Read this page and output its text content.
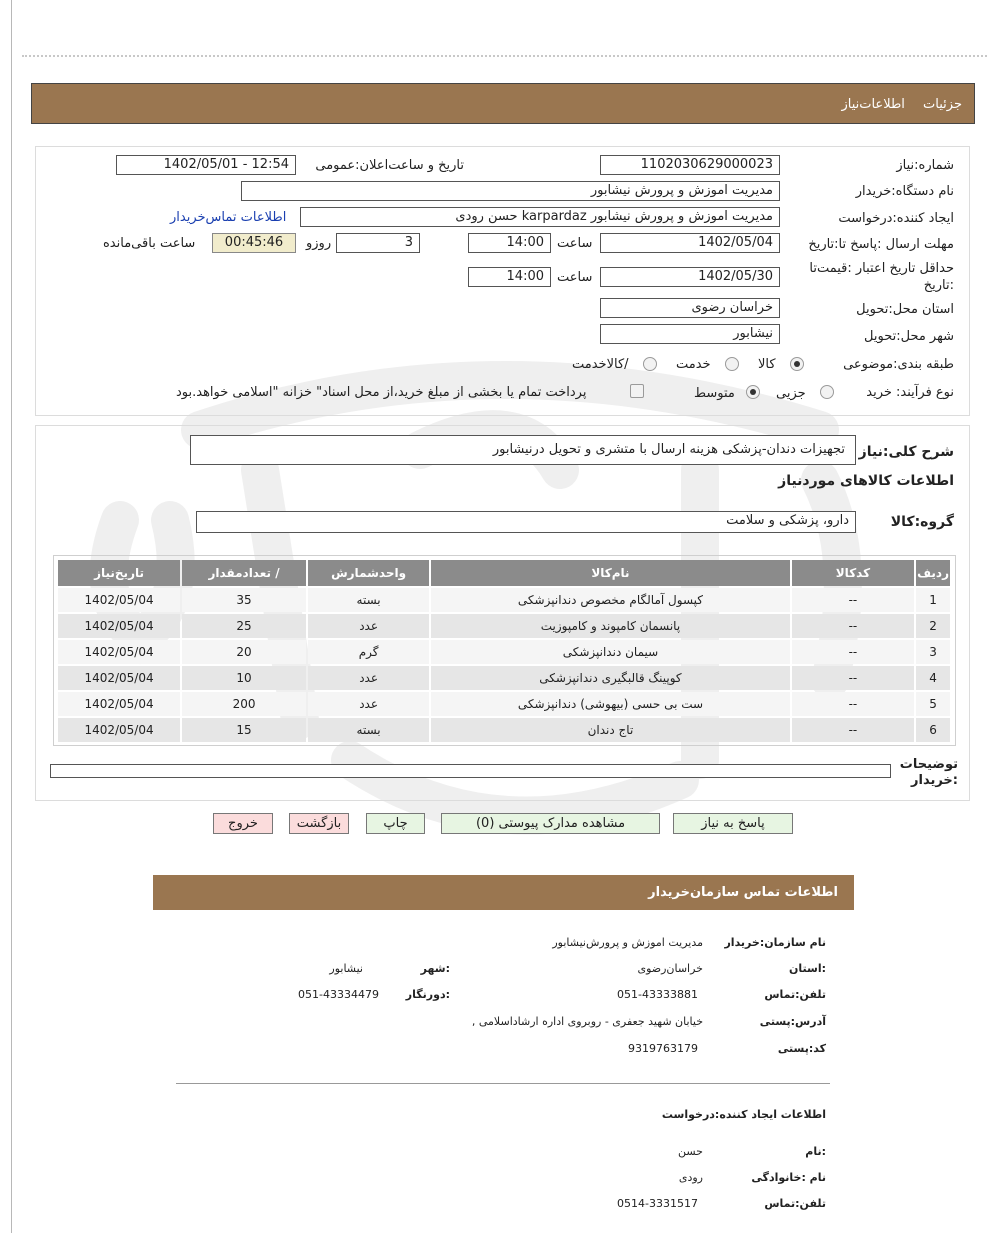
جزئیات اطلاعات‌نیاز
شماره:نیاز
1102030629000023
تاریخ و ساعت‌اعلان:عمومی
1402/05/01 - 12:54
نام دستگاه:خریدار
مدیریت اموزش و پرورش نیشابور
ایجاد کننده:درخواست
مدیریت اموزش و پرورش نیشابور karpardaz حسن رودی
اطلاعات تماس‌خریدار
مهلت ارسال :پاسخ تا:تاریخ
1402/05/04
ساعت
14:00
3
روزو
00:45:46
ساعت باقی‌مانده
حداقل تاریخ اعتبار :قیمت‌تا :تاریخ
1402/05/30
ساعت
14:00
استان محل:تحویل
خراسان رضوی
شهر محل:تحویل
نیشابور
طبقه بندی:موضوعی
کالا
خدمت
/کالاخدمت
نوع فرآیند: خرید
جزیی
متوسط
پرداخت تمام یا بخشی از مبلغ خرید،از محل اسناد" خزانه "اسلامی خواهد.بود
شرح کلی:نیاز
تجهیزات دندان-پزشکی هزینه ارسال با متشری و تحویل درنیشابور
اطلاعات کالاهای موردنیاز
گروه:کالا
دارو، پزشکی و سلامت
ردیف	کدکالا	نام‌کالا	واحدشمارش	/ تعدادمقدار	تاریخ‌نیاز
1	--	کپسول آمالگام مخصوص دندانپزشکی	بسته	35	1402/05/04
2	--	پانسمان کامپوند و کامپوزیت	عدد	25	1402/05/04
3	--	سیمان دندانپزشکی	گرم	20	1402/05/04
4	--	کوپینگ قالبگیری دندانپزشکی	عدد	10	1402/05/04
5	--	ست بی حسی (بیهوشی) دندانپزشکی	عدد	200	1402/05/04
6	--	تاج دندان	بسته	15	1402/05/04
توضیحات :خریدار
پاسخ به نیاز
مشاهده مدارک پیوستی (0)
چاپ
بازگشت
خروج
اطلاعات تماس سازمان‌خریدار
نام سازمان:خریدار
مدیریت اموزش و پرورش‌نیشابور
:استان
خراسان‌رضوی
:شهر
نیشابور
تلفن:تماس
051-43333881
:دورنگار
051-43334479
آدرس:پستی
خیابان شهید جعفری - روبروی اداره ارشاداسلامی ,
کد:پستی
9319763179
اطلاعات ایجاد کننده:درخواست
:نام
حسن
نام :خانوادگی
رودی
تلفن:تماس
0514-3331517
